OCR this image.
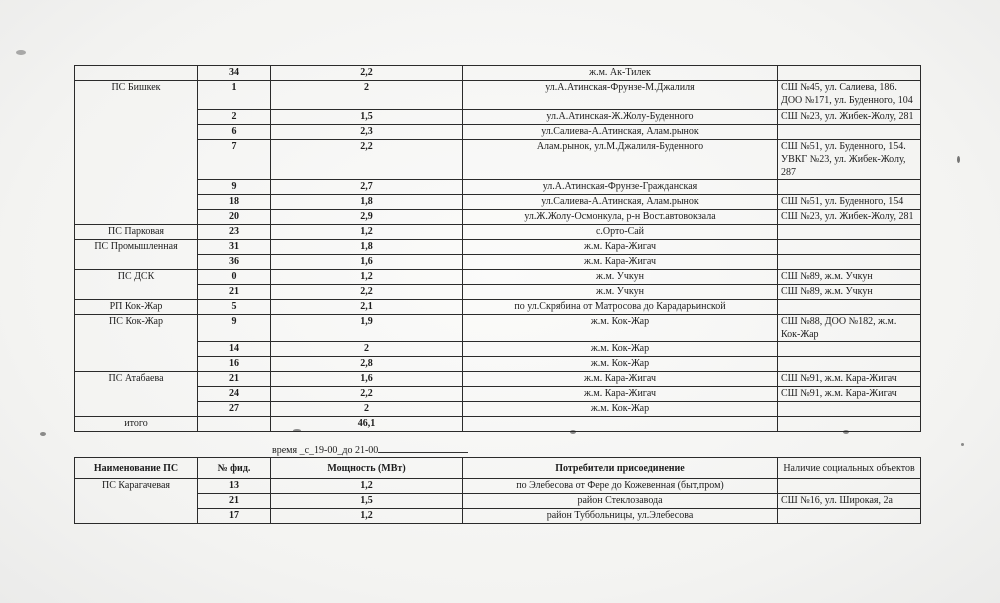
	34	2,2	ж.м. Ак-Тилек	
ПС Бишкек	1	2	ул.А.Атинская-Фрунзе-М.Джалиля	СШ №45, ул. Салиева, 186. ДОО №171, ул. Буденного, 104
	2	1,5	ул.А.Атинская-Ж.Жолу-Буденного	СШ №23, ул. Жибек-Жолу, 281
	6	2,3	ул.Салиева-А.Атинская, Алам.рынок	
	7	2,2	Алам.рынок, ул.М.Джалиля-Буденного	СШ №51, ул. Буденного, 154. УВКГ №23, ул. Жибек-Жолу, 287
	9	2,7	ул.А.Атинская-Фрунзе-Гражданская	
	18	1,8	ул.Салиева-А.Атинская, Алам.рынок	СШ №51, ул. Буденного, 154
	20	2,9	ул.Ж.Жолу-Осмонкула, р-н Вост.автовокзала	СШ №23, ул. Жибек-Жолу, 281
ПС Парковая	23	1,2	с.Орто-Сай	
ПС Промышленная	31	1,8	ж.м. Кара-Жигач	
	36	1,6	ж.м. Кара-Жигач	
ПС ДСК	0	1,2	ж.м. Учкун	СШ №89, ж.м. Учкун
	21	2,2	ж.м. Учкун	СШ №89, ж.м. Учкун
РП Кок-Жар	5	2,1	по ул.Скрябина от Матросова до Карадарьинской	
ПС Кок-Жар	9	1,9	ж.м. Кок-Жар	СШ №88, ДОО №182, ж.м. Кок-Жар
	14	2	ж.м. Кок-Жар	
	16	2,8	ж.м. Кок-Жар	
ПС Атабаева	21	1,6	ж.м. Кара-Жигач	СШ №91, ж.м. Кара-Жигач
	24	2,2	ж.м. Кара-Жигач	СШ №91, ж.м. Кара-Жигач
	27	2	ж.м. Кок-Жар	
итого		46,1		
время _с_19-00_до 21-00
Наименование ПС	№ фид.	Мощность (МВт)	Потребители присоединение	Наличие социальных объектов
ПС Карагачевая	13	1,2	по Элебесова от Фере до Кожевенная (быт,пром)	
	21	1,5	район Стеклозавода	СШ №16, ул. Широкая, 2а
	17	1,2	район Туббольницы, ул.Элебесова	
